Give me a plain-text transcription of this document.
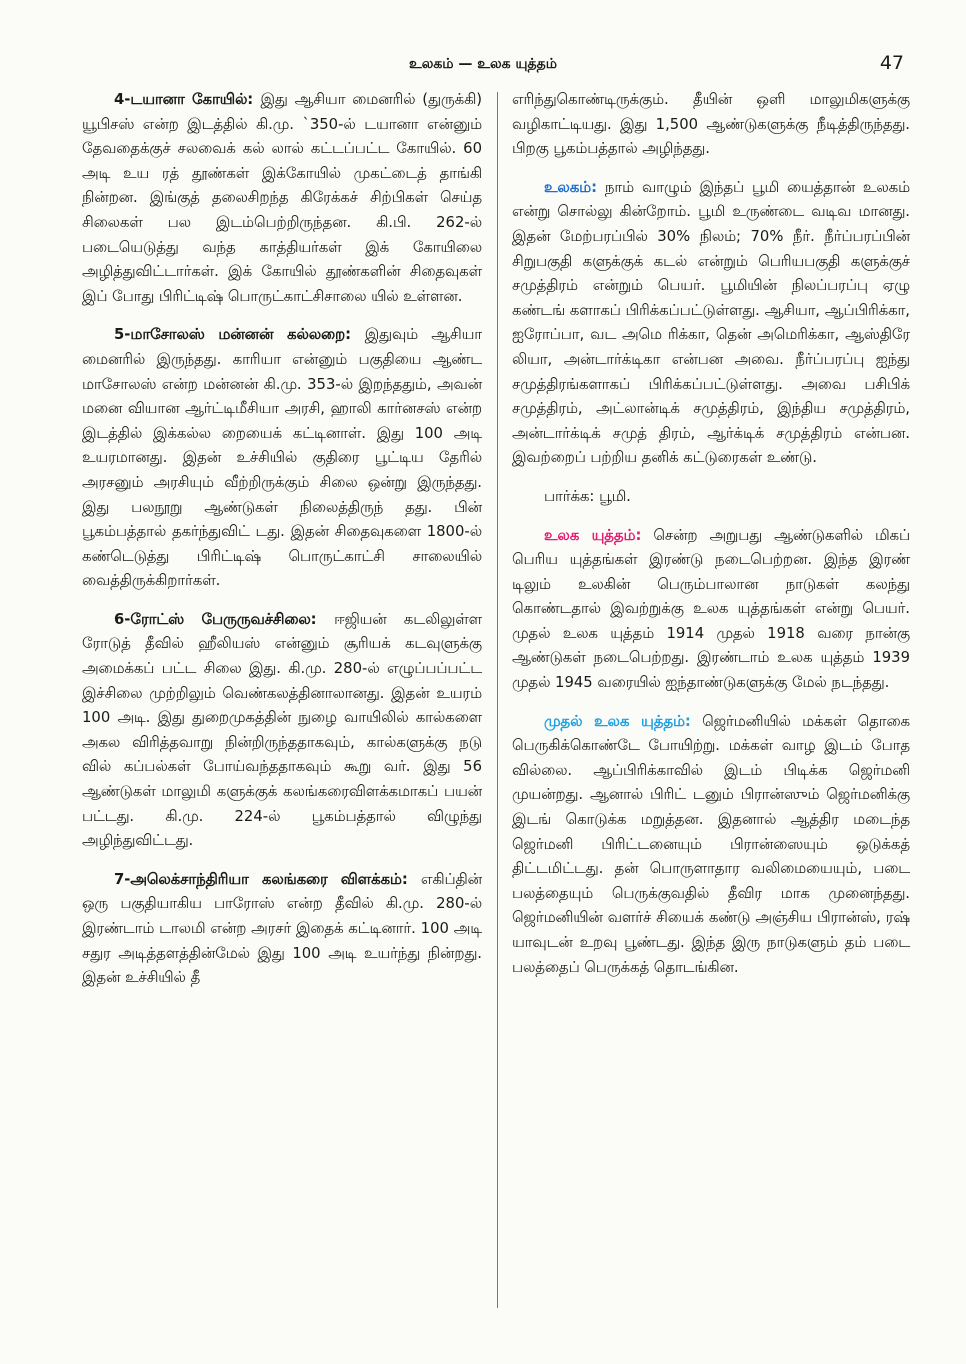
உலகம் — உலக யுத்தம்	47

4-டயானா கோயில்: இது ஆசியா மைனரில் (துருக்கி) யூபிசஸ் என்ற இடத்தில் கி.மு. `350-ல் டயானா என்னும் தேவதைக்குச் சலவைக் கல் லால் கட்டப்பட்ட கோயில். 60 அடி உய ரத் தூண்கள் இக்கோயில் முகட்டைத் தாங்கி நின்றன. இங்குத் தலைசிறந்த கிரேக்கச் சிற்பிகள் செய்த சிலைகள் பல இடம்பெற்றிருந்தன. கி.பி. 262-ல் படையெடுத்து வந்த காத்தியர்கள் இக் கோயிலை அழித்துவிட்டார்கள். இக் கோயில் தூண்களின் சிதைவுகள் இப் போது பிரிட்டிஷ் பொருட்காட்சிசாலை யில் உள்ளன.

5-மாசோலஸ் மன்னன் கல்லறை: இதுவும் ஆசியா மைனரில் இருந்தது. காரியா என்னும் பகுதியை ஆண்ட மாசோலஸ் என்ற மன்னன் கி.மு. 353-ல் இறந்ததும், அவன் மனை வியான ஆர்ட்டிமீசியா அரசி, ஹாலி கார்னசஸ் என்ற இடத்தில் இக்கல்ல றையைக் கட்டினாள். இது 100 அடி உயரமானது. இதன் உச்சியில் குதிரை பூட்டிய தேரில் அரசனும் அரசியும் வீற்றிருக்கும் சிலை ஒன்று இருந்தது. இது பலநூறு ஆண்டுகள் நிலைத்திருந் தது. பின் பூகம்பத்தால் தகர்ந்துவிட் டது. இதன் சிதைவுகளை 1800-ல் கண்டெடுத்து பிரிட்டிஷ் பொருட்காட்சி சாலையில் வைத்திருக்கிறார்கள்.

6-ரோட்ஸ் பேருருவச்சிலை: ஈஜியன் கடலிலுள்ள ரோடுத் தீவில் ஹீலியஸ் என்னும் சூரியக் கடவுளுக்கு அமைக்கப் பட்ட சிலை இது. கி.மு. 280-ல் எழுப்பப்பட்ட இச்சிலை முற்றிலும் வெண்கலத்தினாலானது. இதன் உயரம் 100 அடி. இது துறைமுகத்தின் நுழை வாயிலில் கால்களை அகல விரித்தவாறு நின்றிருந்ததாகவும், கால்களுக்கு நடு வில் கப்பல்கள் போய்வந்ததாகவும் கூறு வர். இது 56 ஆண்டுகள் மாலுமி களுக்குக் கலங்கரைவிளக்கமாகப் பயன் பட்டது. கி.மு. 224-ல் பூகம்பத்தால் விழுந்து அழிந்துவிட்டது.

7-அலெக்சாந்திரியா கலங்கரை விளக்கம்: எகிப்தின் ஒரு பகுதியாகிய பாரோஸ் என்ற தீவில் கி.மு. 280-ல் இரண்டாம் டாலமி என்ற அரசர் இதைக் கட்டினார். 100 அடி சதுர அடித்தளத்தின்மேல் இது 100 அடி உயர்ந்து நின்றது. இதன் உச்சியில் தீ

எரிந்துகொண்டிருக்கும். தீயின் ஒளி மாலுமிகளுக்கு வழிகாட்டியது. இது 1,500 ஆண்டுகளுக்கு நீடித்திருந்தது. பிறகு பூகம்பத்தால் அழிந்தது.

உலகம்: நாம் வாழும் இந்தப் பூமி யைத்தான் உலகம் என்று சொல்லு கின்றோம். பூமி உருண்டை வடிவ மானது. இதன் மேற்பரப்பில் 30% நிலம்; 70% நீர். நீர்ப்பரப்பின் சிறுபகுதி களுக்குக் கடல் என்றும் பெரியபகுதி களுக்குச் சமுத்திரம் என்றும் பெயர். பூமியின் நிலப்பரப்பு ஏழு கண்டங் களாகப் பிரிக்கப்பட்டுள்ளது. ஆசியா, ஆப்பிரிக்கா, ஐரோப்பா, வட அமெ ரிக்கா, தென் அமெரிக்கா, ஆஸ்திரே லியா, அன்டார்க்டிகா என்பன அவை. நீர்ப்பரப்பு ஐந்து சமுத்திரங்களாகப் பிரிக்கப்பட்டுள்ளது. அவை பசிபிக் சமுத்திரம், அட்லான்டிக் சமுத்திரம், இந்திய சமுத்திரம், அன்டார்க்டிக் சமுத் திரம், ஆர்க்டிக் சமுத்திரம் என்பன. இவற்றைப் பற்றிய தனிக் கட்டுரைகள் உண்டு.

பார்க்க: பூமி.

உலக யுத்தம்: சென்ற அறுபது ஆண்டுகளில் மிகப் பெரிய யுத்தங்கள் இரண்டு நடைபெற்றன. இந்த இரண் டிலும் உலகின் பெரும்பாலான நாடுகள் கலந்து கொண்டதால் இவற்றுக்கு உலக யுத்தங்கள் என்று பெயர். முதல் உலக யுத்தம் 1914 முதல் 1918 வரை நான்கு ஆண்டுகள் நடைபெற்றது. இரண்டாம் உலக யுத்தம் 1939 முதல் 1945 வரையில் ஐந்தாண்டுகளுக்கு மேல் நடந்தது.

முதல் உலக யுத்தம்: ஜெர்மனியில் மக்கள் தொகை பெருகிக்கொண்டே போயிற்று. மக்கள் வாழ இடம் போத வில்லை. ஆப்பிரிக்காவில் இடம் பிடிக்க ஜெர்மனி முயன்றது. ஆனால் பிரிட் டனும் பிரான்ஸும் ஜெர்மனிக்கு இடங் கொடுக்க மறுத்தன. இதனால் ஆத்திர மடைந்த ஜெர்மனி பிரிட்டனையும் பிரான்ஸையும் ஒடுக்கத் திட்டமிட்டது. தன் பொருளாதார வலிமையையும், படை பலத்தையும் பெருக்குவதில் தீவிர மாக முனைந்தது. ஜெர்மனியின் வளர்ச் சியைக் கண்டு அஞ்சிய பிரான்ஸ், ரஷ் யாவுடன் உறவு பூண்டது. இந்த இரு நாடுகளும் தம் படை பலத்தைப் பெருக்கத் தொடங்கின.
